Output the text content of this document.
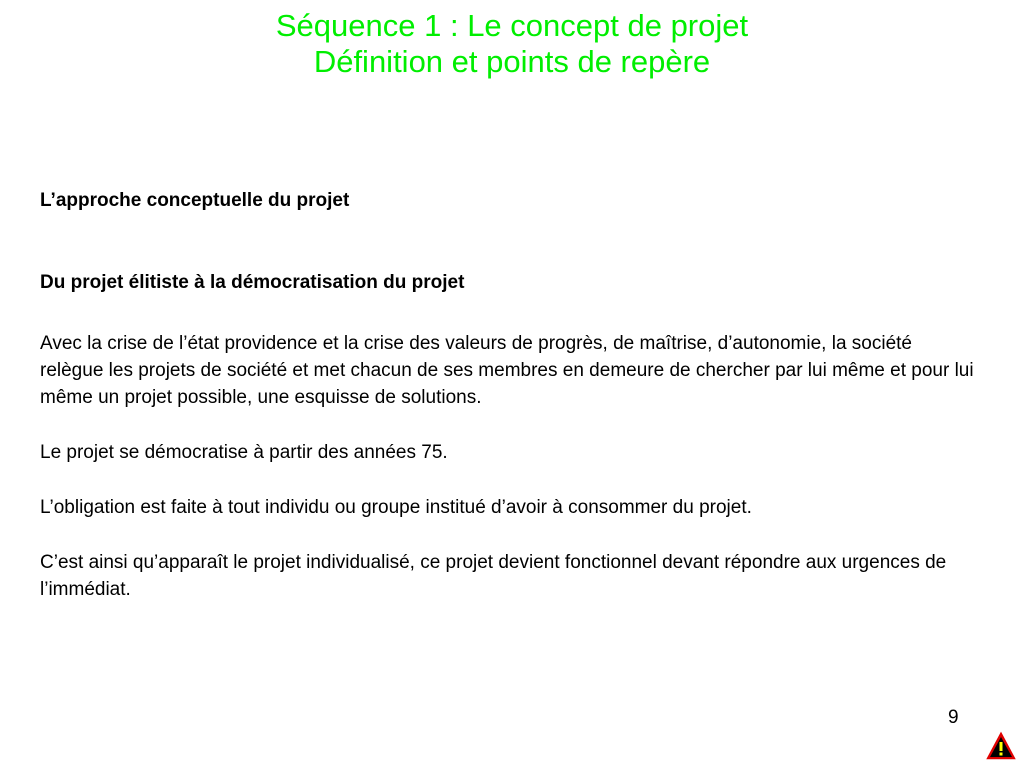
Séquence 1 : Le concept de projet
Définition et points de repère
L’approche conceptuelle du projet
Du projet élitiste à la démocratisation du projet

Avec la crise de l’état providence et la crise des valeurs de progrès, de maîtrise, d’autonomie, la société relègue les projets de société et met chacun de ses membres en demeure de chercher par lui même et pour lui même un projet possible, une esquisse de solutions.

Le projet se démocratise à partir des années 75.

L’obligation est faite à tout individu ou groupe institué d’avoir à consommer du projet.

C’est ainsi qu’apparaît le projet individualisé, ce projet devient fonctionnel devant répondre aux urgences de l’immédiat.

9
